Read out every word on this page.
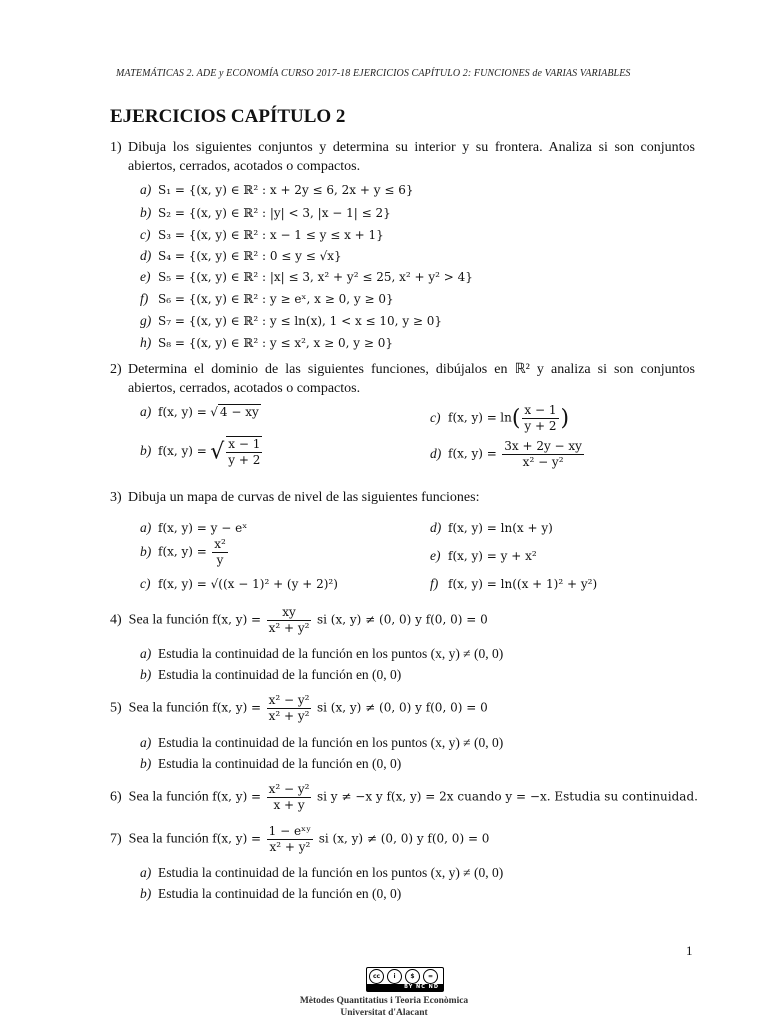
MATEMÁTICAS 2. ADE y ECONOMÍA CURSO 2017-18 EJERCICIOS CAPÍTULO 2: FUNCIONES de VARIAS VARIABLES
EJERCICIOS CAPÍTULO 2
1) Dibuja los siguientes conjuntos y determina su interior y su frontera. Analiza si son conjuntos abiertos, cerrados, acotados o compactos.
a) S₁ = {(x, y) ∈ ℝ² : x + 2y ≤ 6, 2x + y ≤ 6}
b) S₂ = {(x, y) ∈ ℝ² : |y| < 3, |x − 1| ≤ 2}
c) S₃ = {(x, y) ∈ ℝ² : x − 1 ≤ y ≤ x + 1}
d) S₄ = {(x, y) ∈ ℝ² : 0 ≤ y ≤ √x}
e) S₅ = {(x, y) ∈ ℝ² : |x| ≤ 3, x² + y² ≤ 25, x² + y² > 4}
f) S₆ = {(x, y) ∈ ℝ² : y ≥ eˣ, x ≥ 0, y ≥ 0}
g) S₇ = {(x, y) ∈ ℝ² : y ≤ ln(x), 1 < x ≤ 10, y ≥ 0}
h) S₈ = {(x, y) ∈ ℝ² : y ≤ x², x ≥ 0, y ≥ 0}
2) Determina el dominio de las siguientes funciones, dibújalos en ℝ² y analiza si son conjuntos abiertos, cerrados, acotados o compactos.
a) f(x, y) = √ 4 − xy
b) f(x, y) = √ $\frac{x - 1}{y + 2}$
c) f(x, $y) = \ln( \frac{x - 1}{y + 2}$ )
d) f(x, $y) = \frac{3x + 2y - xy}{\text{x² − y²}}$
3) Dibuja un mapa de curvas de nivel de las siguientes funciones:
a) f(x, y) = y − eˣ
b) f(x, $y) = \frac{\text{x²}}{y}$
c) f(x, y) = √((x − 1)² + (y + 2)²)
d) f(x, y) = ln(x + y)
e) f(x, y) = y + x²
f) f(x, y) = ln((x + 1)² + y²)
4) Sea la función f(x, $y) = \frac{xy}{\text{x² + y²}}$ si (x, y) ≠ (0, 0) y f(0, 0) = 0
a) Estudia la continuidad de la función en los puntos (x, y) ≠ (0, 0)
b) Estudia la continuidad de la función en (0, 0)
5) Sea la función f(x, $y) = \frac{\text{x² − y²}}{\text{x² + y²}}$ si (x, y) ≠ (0, 0) y f(0, 0) = 0
a) Estudia la continuidad de la función en los puntos (x, y) ≠ (0, 0)
b) Estudia la continuidad de la función en (0, 0)
6) Sea la función f(x, $y) = \frac{\text{x² − y²}}{x + y}$ si y ≠ −x y f(x, y) = 2x cuando y = −x. Estudia su continuidad.
7) Sea la función f(x, $y) = \frac{\text{1 − eˣʸ}}{\text{x² + y²}}$ si (x, y) ≠ (0, 0) y f(0, 0) = 0
a) Estudia la continuidad de la función en los puntos (x, y) ≠ (0, 0)
b) Estudia la continuidad de la función en (0, 0)
1
cc	i	$	=
BY NC ND
Mètodes Quantitatius i Teoria Econòmica
Universitat d'Alacant
